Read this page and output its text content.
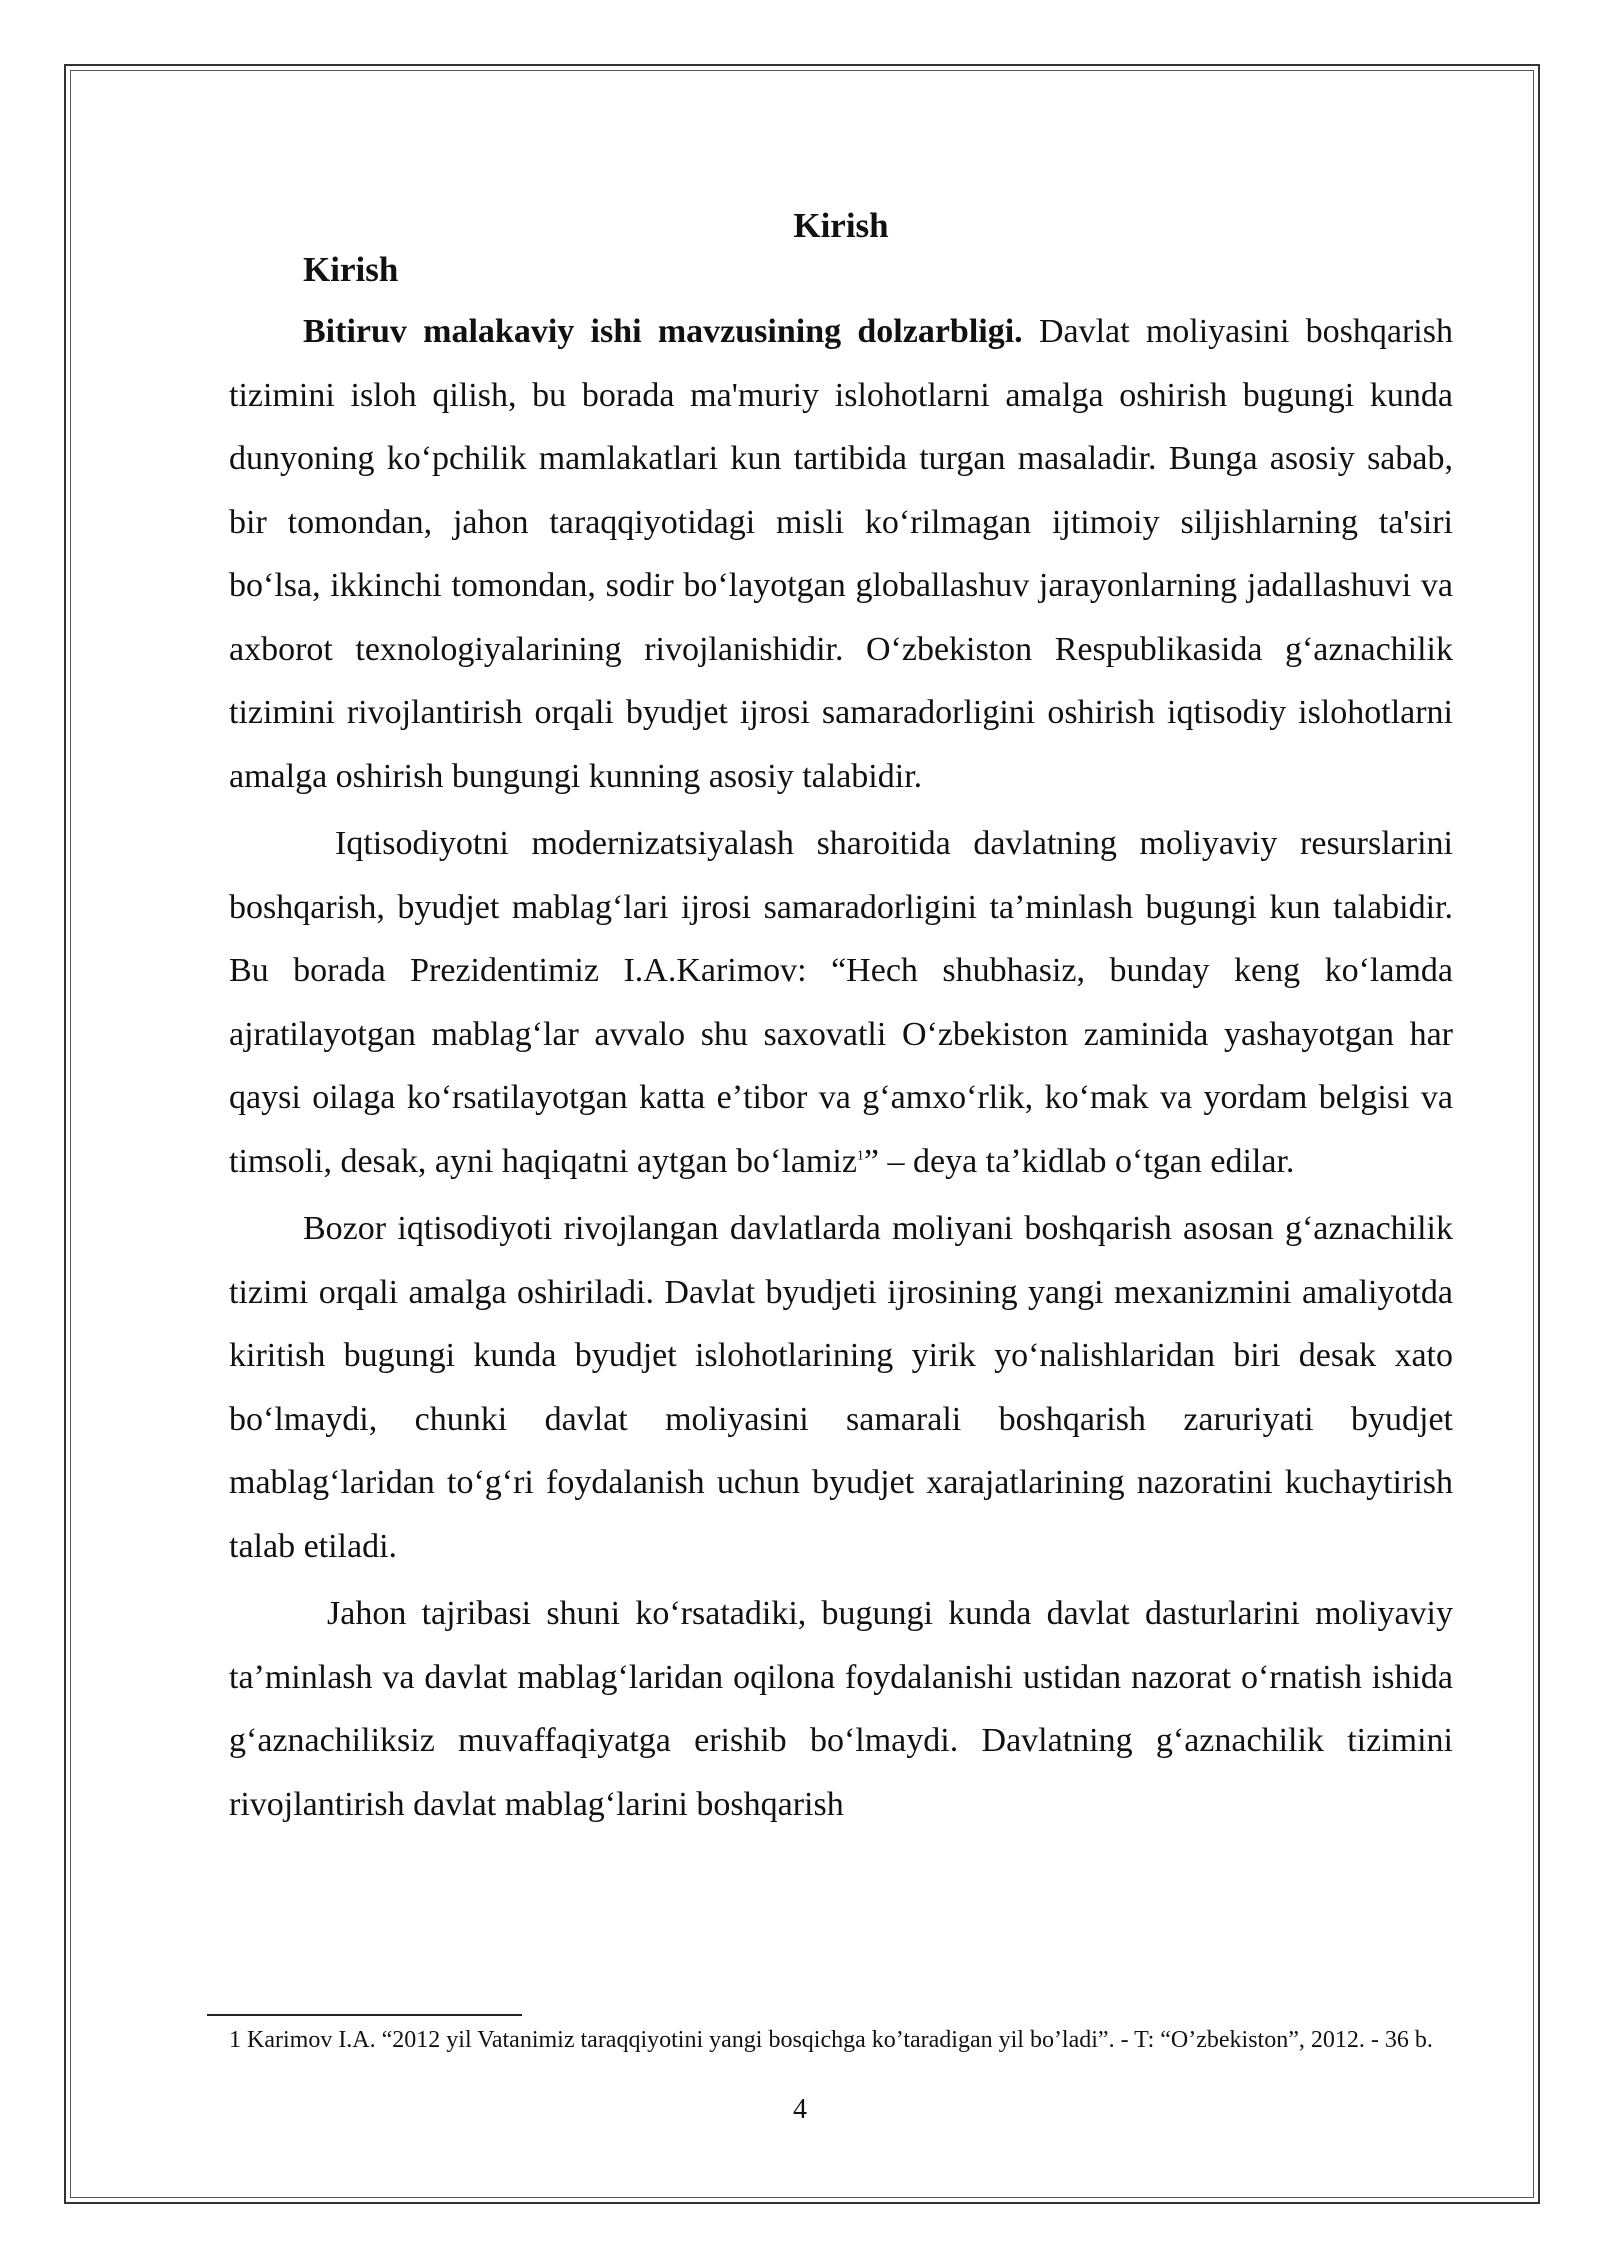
Kirish
Kirish

Bitiruv malakaviy ishi mavzusining dolzarbligi. Davlat moliyasini boshqarish tizimini isloh qilish, bu borada ma'muriy islohotlarni amalga oshirish bugungi kunda dunyoning koʻpchilik mamlakatlari kun tartibida turgan masaladir. Bunga asosiy sabab, bir tomondan, jahon taraqqiyotidagi misli koʻrilmagan ijtimoiy siljishlarning ta'siri boʻlsa, ikkinchi tomondan, sodir boʻlayotgan globallashuv jarayonlarning jadallashuvi va axborot texnologiyalarining rivojlanishidir. Oʻzbekiston Respublikasida gʻaznachilik tizimini rivojlantirish orqali byudjet ijrosi samaradorligini oshirish iqtisodiy islohotlarni amalga oshirish bungungi kunning asosiy talabidir.

Iqtisodiyotni modernizatsiyalash sharoitida davlatning moliyaviy resurslarini boshqarish, byudjet mablagʻlari ijrosi samaradorligini taʼminlash bugungi kun talabidir. Bu borada Prezidentimiz I.A.Karimov: “Hech shubhasiz, bunday keng koʻlamda ajratilayotgan mablagʻlar avvalo shu saxovatli Oʻzbekiston zaminida yashayotgan har qaysi oilaga koʻrsatilayotgan katta eʼtibor va gʻamxoʻrlik, koʻmak va yordam belgisi va timsoli, desak, ayni haqiqatni aytgan boʻlamiz$^1$” – deya taʼkidlab oʻtgan edilar.

Bozor iqtisodiyoti rivojlangan davlatlarda moliyani boshqarish asosan gʻaznachilik tizimi orqali amalga oshiriladi. Davlat byudjeti ijrosining yangi mexanizmini amaliyotda kiritish bugungi kunda byudjet islohotlarining yirik yoʻnalishlaridan biri desak xato boʻlmaydi, chunki davlat moliyasini samarali boshqarish zaruriyati byudjet mablagʻlaridan toʻgʻri foydalanish uchun byudjet xarajatlarining nazoratini kuchaytirish talab etiladi.

Jahon tajribasi shuni koʻrsatadiki, bugungi kunda davlat dasturlarini moliyaviy taʼminlash va davlat mablagʻlaridan oqilona foydalanishi ustidan nazorat oʻrnatish ishida gʻaznachiliksiz muvaffaqiyatga erishib boʻlmaydi. Davlatning gʻaznachilik tizimini rivojlantirish davlat mablagʻlarini boshqarish

1 Karimov I.A. “2012 yil Vatanimiz taraqqiyotini yangi bosqichga ko’taradigan yil bo’ladi”. - T: “O’zbekiston”, 2012. - 36 b.

4
